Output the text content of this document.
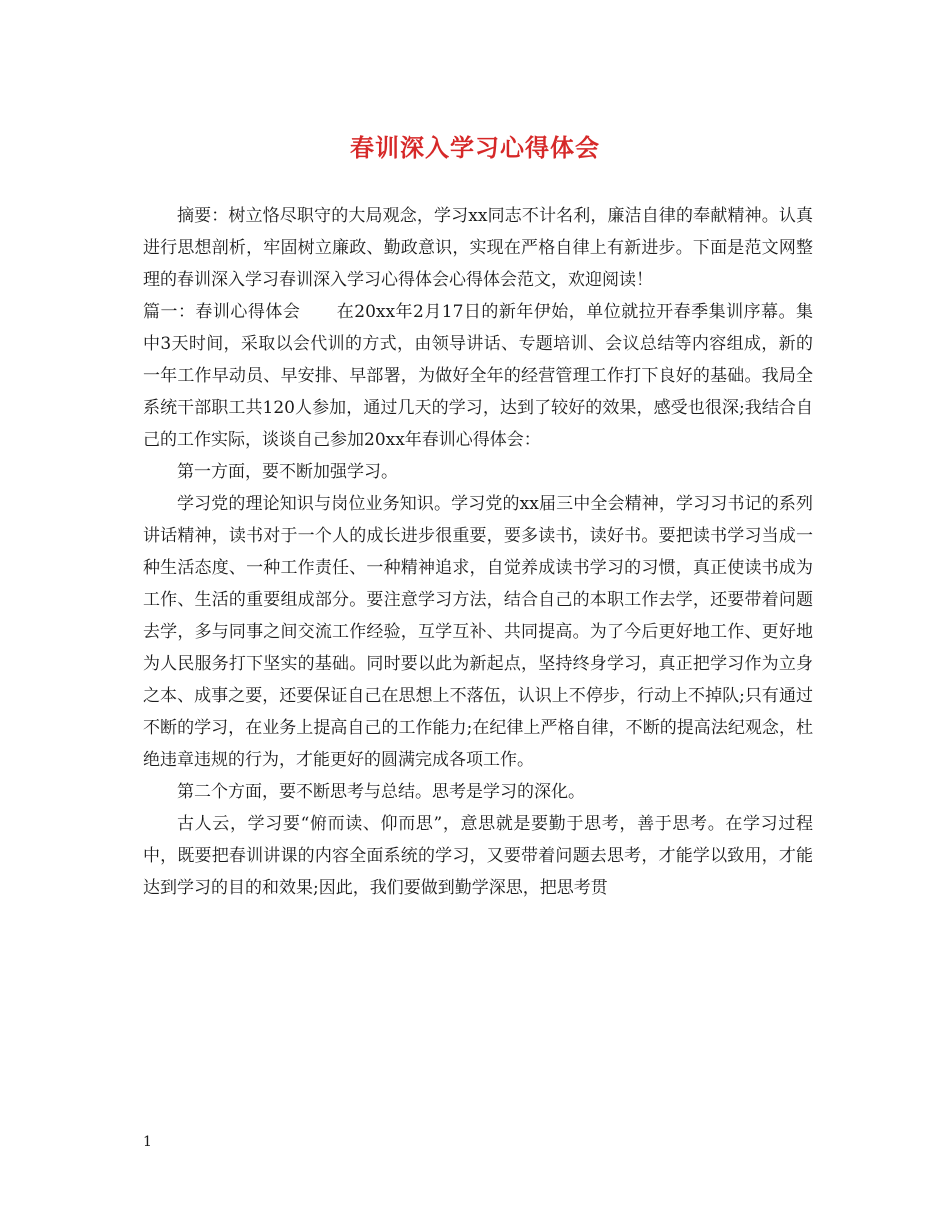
春训深入学习心得体会

摘要：树立恪尽职守的大局观念，学习xx同志不计名利，廉洁自律的奉献精神。认真进行思想剖析，牢固树立廉政、勤政意识，实现在严格自律上有新进步。下面是范文网整理的春训深入学习春训深入学习心得体会心得体会范文，欢迎阅读！

篇一：春训心得体会 在20xx年2月17日的新年伊始，单位就拉开春季集训序幕。集中3天时间，采取以会代训的方式，由领导讲话、专题培训、会议总结等内容组成，新的一年工作早动员、早安排、早部署，为做好全年的经营管理工作打下良好的基础。我局全系统干部职工共120人参加，通过几天的学习，达到了较好的效果，感受也很深;我结合自己的工作实际，谈谈自己参加20xx年春训心得体会：

第一方面，要不断加强学习。

学习党的理论知识与岗位业务知识。学习党的xx届三中全会精神，学习习书记的系列讲话精神，读书对于一个人的成长进步很重要，要多读书，读好书。要把读书学习当成一种生活态度、一种工作责任、一种精神追求，自觉养成读书学习的习惯，真正使读书成为工作、生活的重要组成部分。要注意学习方法，结合自己的本职工作去学，还要带着问题去学，多与同事之间交流工作经验，互学互补、共同提高。为了今后更好地工作、更好地为人民服务打下坚实的基础。同时要以此为新起点，坚持终身学习，真正把学习作为立身之本、成事之要，还要保证自己在思想上不落伍，认识上不停步，行动上不掉队;只有通过不断的学习，在业务上提高自己的工作能力;在纪律上严格自律，不断的提高法纪观念，杜绝违章违规的行为，才能更好的圆满完成各项工作。

第二个方面，要不断思考与总结。思考是学习的深化。

古人云，学习要“俯而读、仰而思”，意思就是要勤于思考，善于思考。在学习过程中，既要把春训讲课的内容全面系统的学习，又要带着问题去思考，才能学以致用，才能达到学习的目的和效果;因此，我们要做到勤学深思，把思考贯

1
